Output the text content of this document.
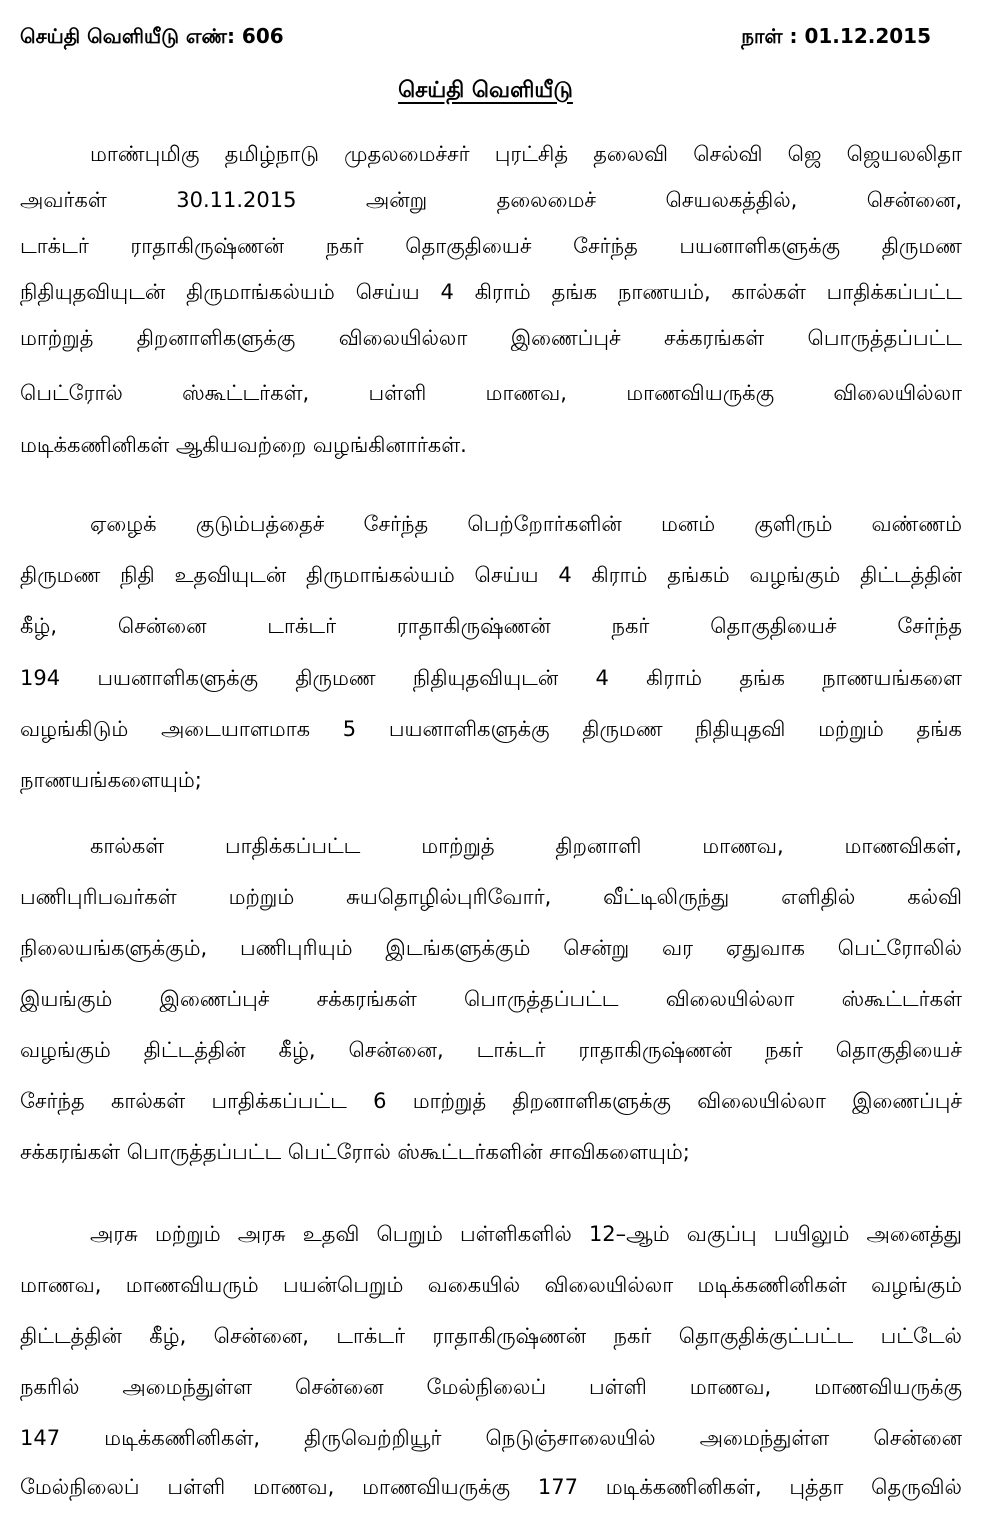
செய்தி வெளியீடு எண்: 606	நாள் : 01.12.2015
செய்தி வெளியீடு
மாண்புமிகு தமிழ்நாடு முதலமைச்சர் புரட்சித் தலைவி செல்வி ஜெ ஜெயலலிதா
அவர்கள் 30.11.2015 அன்று தலைமைச் செயலகத்தில், சென்னை,
டாக்டர் ராதாகிருஷ்ணன் நகர் தொகுதியைச் சேர்ந்த பயனாளிகளுக்கு திருமண
நிதியுதவியுடன் திருமாங்கல்யம் செய்ய 4 கிராம் தங்க நாணயம், கால்கள் பாதிக்கப்பட்ட
மாற்றுத் திறனாளிகளுக்கு விலையில்லா இணைப்புச் சக்கரங்கள் பொருத்தப்பட்ட
பெட்ரோல் ஸ்கூட்டர்கள், பள்ளி மாணவ, மாணவியருக்கு விலையில்லா
மடிக்கணினிகள் ஆகியவற்றை வழங்கினார்கள்.
ஏழைக் குடும்பத்தைச் சேர்ந்த பெற்றோர்களின் மனம் குளிரும் வண்ணம்
திருமண நிதி உதவியுடன் திருமாங்கல்யம் செய்ய 4 கிராம் தங்கம் வழங்கும் திட்டத்தின்
கீழ், சென்னை டாக்டர் ராதாகிருஷ்ணன் நகர் தொகுதியைச் சேர்ந்த
194 பயனாளிகளுக்கு திருமண நிதியுதவியுடன் 4 கிராம் தங்க நாணயங்களை
வழங்கிடும் அடையாளமாக 5 பயனாளிகளுக்கு திருமண நிதியுதவி மற்றும் தங்க
நாணயங்களையும்;
கால்கள் பாதிக்கப்பட்ட மாற்றுத் திறனாளி மாணவ, மாணவிகள்,
பணிபுரிபவர்கள் மற்றும் சுயதொழில்புரிவோர், வீட்டிலிருந்து எளிதில் கல்வி
நிலையங்களுக்கும், பணிபுரியும் இடங்களுக்கும் சென்று வர ஏதுவாக பெட்ரோலில்
இயங்கும் இணைப்புச் சக்கரங்கள் பொருத்தப்பட்ட விலையில்லா ஸ்கூட்டர்கள்
வழங்கும் திட்டத்தின் கீழ், சென்னை, டாக்டர் ராதாகிருஷ்ணன் நகர் தொகுதியைச்
சேர்ந்த கால்கள் பாதிக்கப்பட்ட 6 மாற்றுத் திறனாளிகளுக்கு விலையில்லா இணைப்புச்
சக்கரங்கள் பொருத்தப்பட்ட பெட்ரோல் ஸ்கூட்டர்களின் சாவிகளையும்;
அரசு மற்றும் அரசு உதவி பெறும் பள்ளிகளில் 12–ஆம் வகுப்பு பயிலும் அனைத்து
மாணவ, மாணவியரும் பயன்பெறும் வகையில் விலையில்லா மடிக்கணினிகள் வழங்கும்
திட்டத்தின் கீழ், சென்னை, டாக்டர் ராதாகிருஷ்ணன் நகர் தொகுதிக்குட்பட்ட பட்டேல்
நகரில் அமைந்துள்ள சென்னை மேல்நிலைப் பள்ளி மாணவ, மாணவியருக்கு
147 மடிக்கணினிகள், திருவெற்றியூர் நெடுஞ்சாலையில் அமைந்துள்ள சென்னை
மேல்நிலைப் பள்ளி மாணவ, மாணவியருக்கு 177 மடிக்கணினிகள், புத்தா தெருவில்
